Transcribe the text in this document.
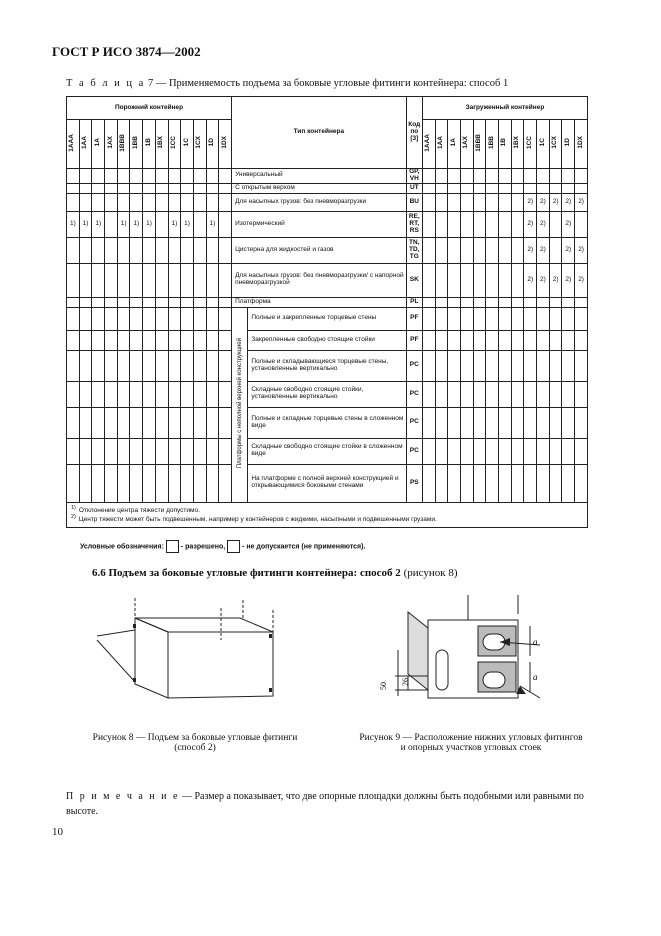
ГОСТ Р ИСО 3874—2002
Т а б л и ц а 7 — Применяемость подъема за боковые угловые фитинги контейнера: способ 1
Порожний контейнер													Тип контейнера		Код по [3]	Загруженный контейнер												
1AAA	1AA	1A	1AX	1BBB	1BB	1B	1BX	1CC	1C	1CX	1D	1DX				1AAA	1AA	1A	1AX	1BBB	1BB	1B	1BX	1CC	1C	1CX	1D	1DX
													Универсальный		GP, VH													
													С открытым верхом		UT													
													Для насыпных грузов: без пневморазгрузки		BU									2)	2)	2)	2)	2)
1)	1)	1)		1)	1)	1)		1)	1)		1)		Изотермический		RE, RT, RS									2)	2)		2)	
													Цистерна для жидкостей и газов		TN, TD, TG									2)	2)		2)	2)
													Для насыпных грузов: без пневморазгрузки/ с напорной пневморазгрузкой		SK									2)	2)	2)	2)	2)
													Платформа		PL													
													Платформы с неполной верхней конструкцией	Полные и закрепленные торцевые стены	PF													
														Закрепленные свободно стоящие стойки	PF													
														Полные и складывающиеся торцевые стены, установленные вертикально	PC													
														Складные свободно стоящие стойки, установленные вертикально	PC													
														Полные и складные торцевые стены в сложенном виде	PC													
														Складные свободно стоящие стойки в сложенном виде	PC													
														На платформе с полной верхней конструкцией и открывающимися боковыми стенами	PS													

$^{1)}$ Отклонение центра тяжести допустимо.
$^{2)}$ Центр тяжести может быть подвешенным, например у контейнеров с жидкими, насыпными и подвешенными грузами.																												
Условные обозначения: - разрешено, - не допускается (не применяются).
6.6 Подъем за боковые угловые фитинги контейнера: способ 2 (рисунок 8)
50 26
a
a
Рисунок 8 — Подъем за боковые угловые фитинги (способ 2)
Рисунок 9 — Расположение нижних угловых фитингов и опорных участков угловых стоек
П р и м е ч а н и е — Размер a показывает, что две опорные площадки должны быть подобными или равными по высоте.
10
